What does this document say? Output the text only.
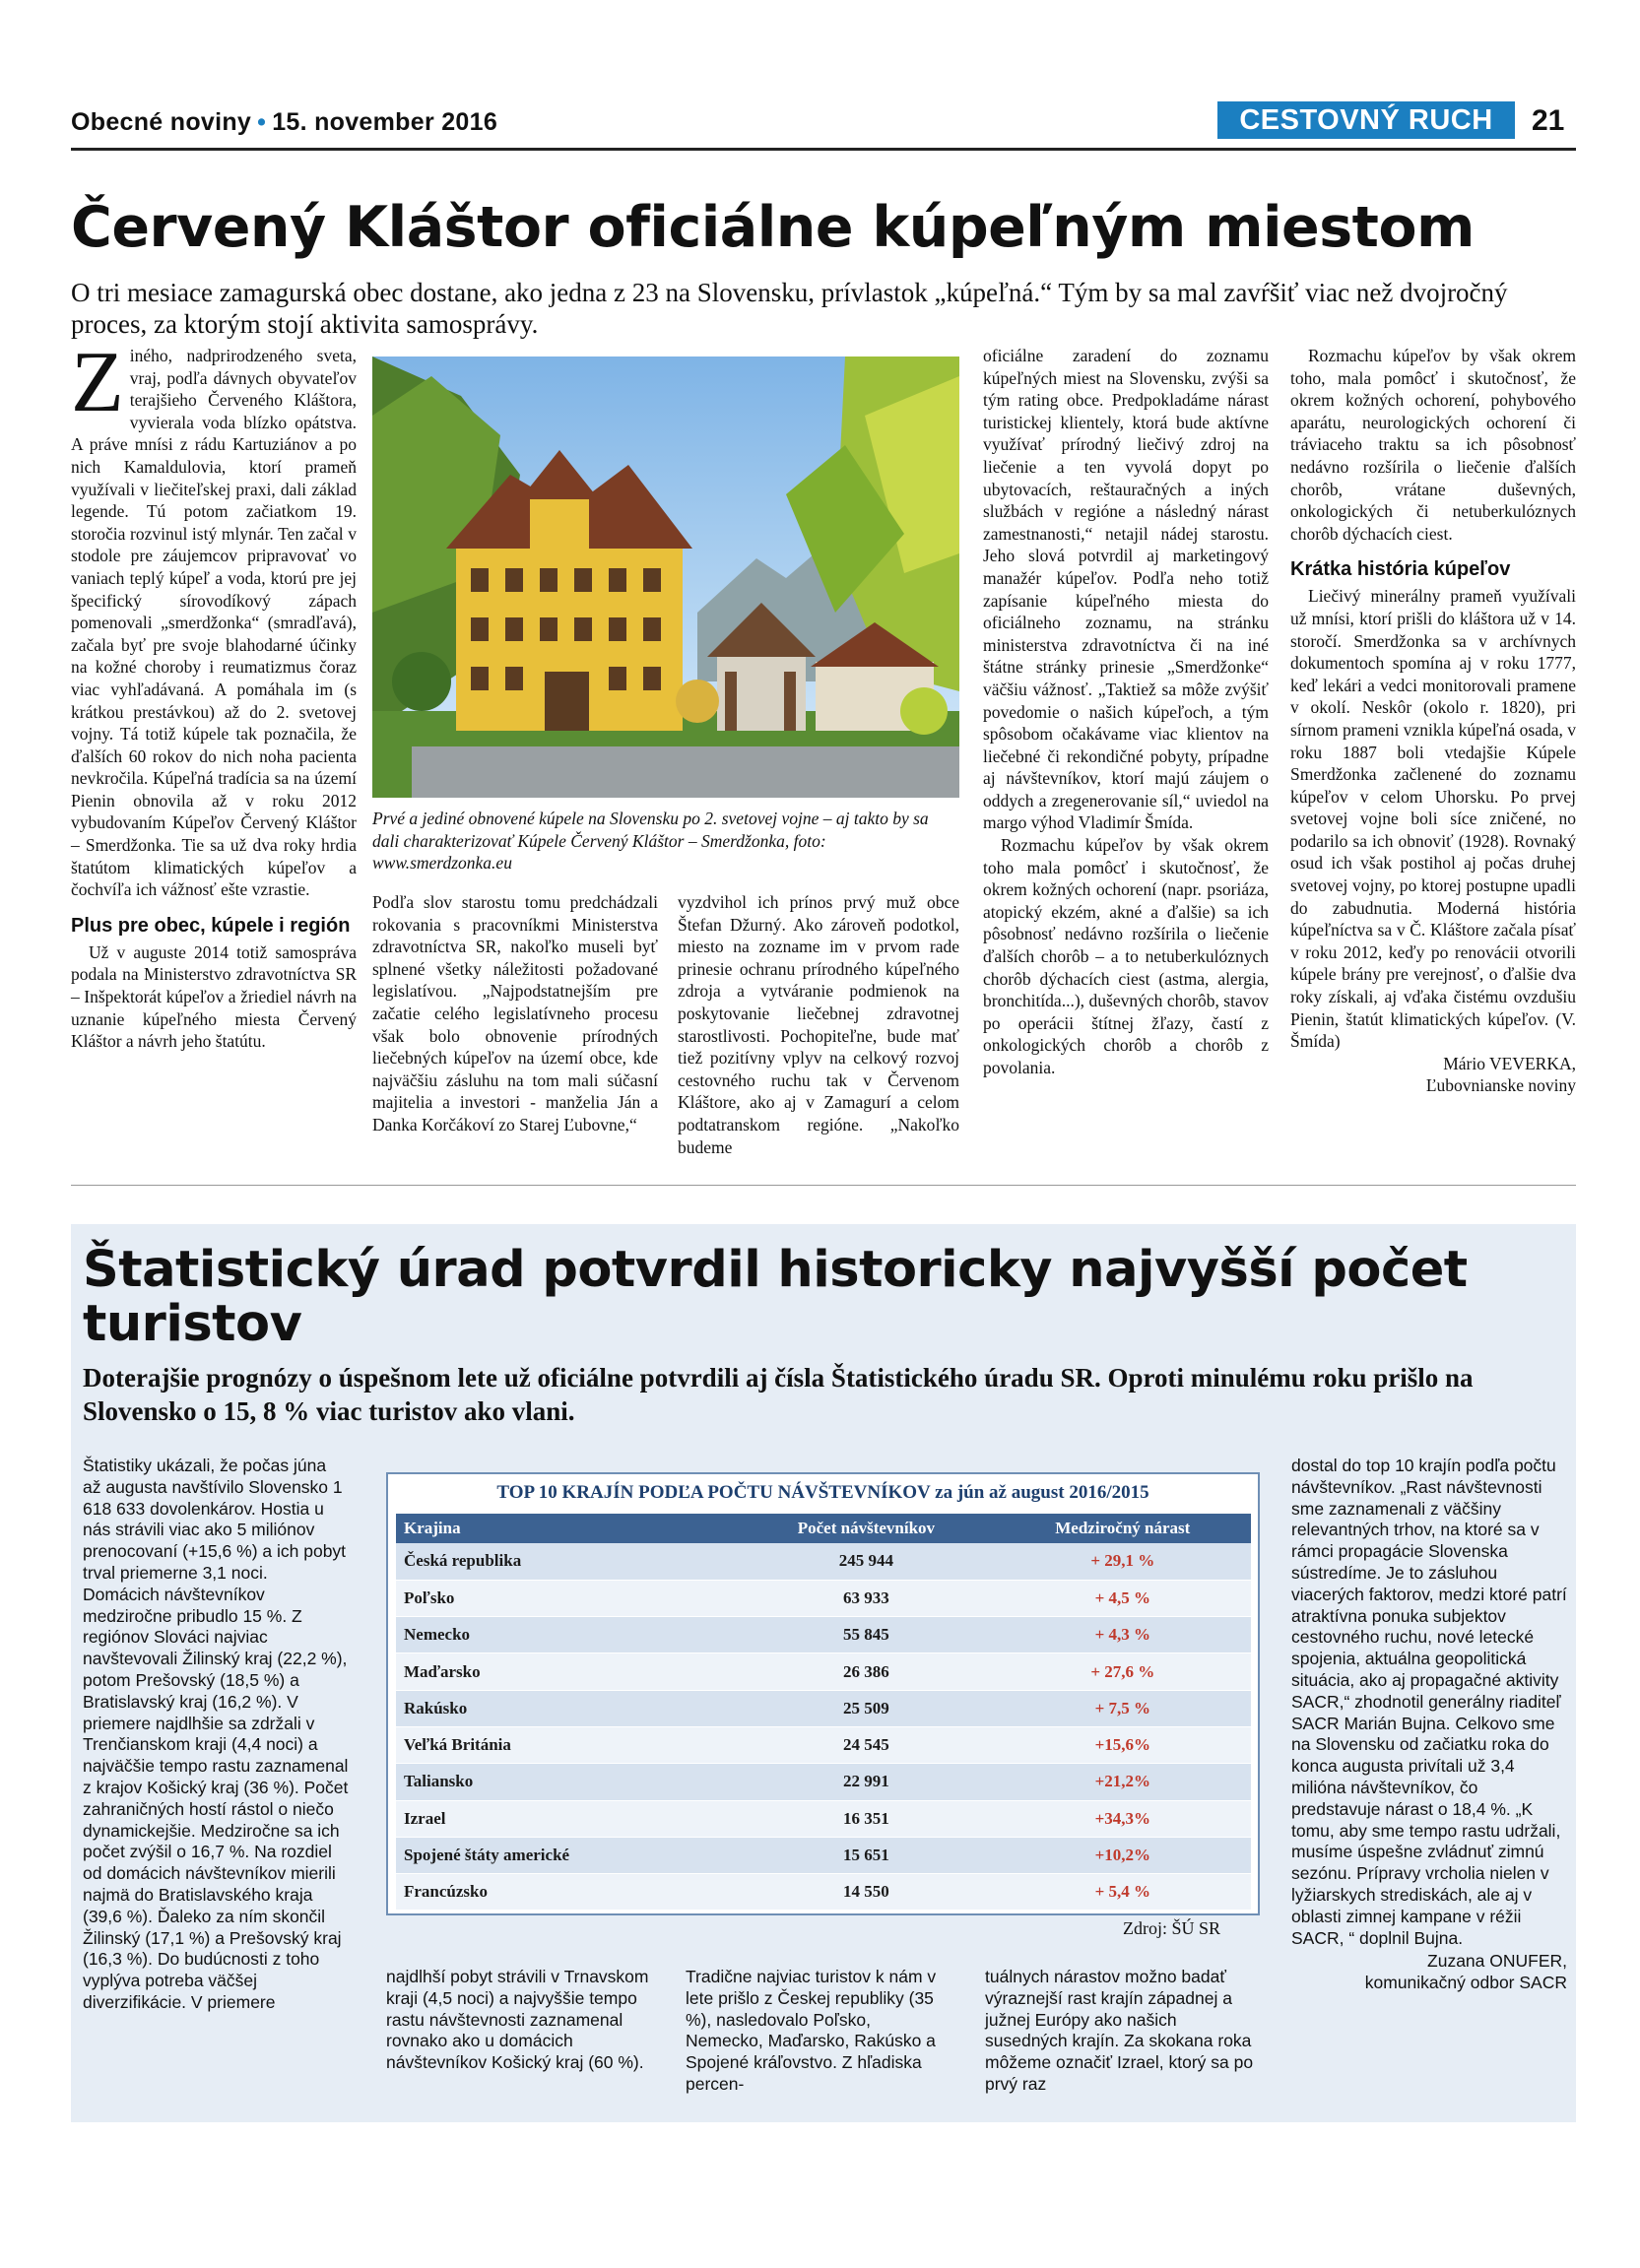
Obecné noviny • 15. november 2016	CESTOVNÝ RUCH	21
Červený Kláštor oficiálne kúpeľným miestom
O tri mesiace zamagurská obec dostane, ako jedna z 23 na Slovensku, prívlastok „kúpeľná.“ Tým by sa mal zavŕšiť viac než dvojročný proces, za ktorým stojí aktivita samosprávy.

Ziného, nadprirodzeného sveta, vraj, podľa dávnych obyvateľov terajšieho Červeného Kláštora, vyvierala voda blízko opátstva. A práve mnísi z rádu Kartuziánov a po nich Kamaldulovia, ktorí prameň využívali v liečiteľskej praxi, dali základ legende. Tú potom začiatkom 19. storočia rozvinul istý mlynár. Ten začal v stodole pre záujemcov pripravovať vo vaniach teplý kúpeľ a voda, ktorú pre jej špecifický sírovodíkový zápach pomenovali „smerdžonka“ (smradľavá), začala byť pre svoje blahodarné účinky na kožné choroby i reumatizmus čoraz viac vyhľadávaná. A pomáhala im (s krátkou prestávkou) až do 2. svetovej vojny. Tá totiž kúpele tak poznačila, že ďalších 60 rokov do nich noha pacienta nevkročila. Kúpeľná tradícia sa na území Pienin obnovila až v roku 2012 vybudovaním Kúpeľov Červený Kláštor – Smerdžonka. Tie sa už dva roky hrdia štatútom klimatických kúpeľov a čochvíľa ich vážnosť ešte vzrastie.

Plus pre obec, kúpele i región

Už v auguste 2014 totiž samospráva podala na Ministerstvo zdravotníctva SR – Inšpektorát kúpeľov a žriediel návrh na uznanie kúpeľného miesta Červený Kláštor a návrh jeho štatútu.

Prvé a jediné obnovené kúpele na Slovensku po 2. svetovej vojne – aj takto by sa dali charakterizovať Kúpele Červený Kláštor – Smerdžonka, foto: www.smerdzonka.eu

Podľa slov starostu tomu predchádzali rokovania s pracovníkmi Ministerstva zdravotníctva SR, nakoľko museli byť splnené všetky náležitosti požadované legislatívou. „Najpodstatnejším pre začatie celého legislatívneho procesu však bolo obnovenie prírodných liečebných kúpeľov na území obce, kde najväčšiu zásluhu na tom mali súčasní majitelia a investori - manželia Ján a Danka Korčákoví zo Starej Ľubovne,“

vyzdvihol ich prínos prvý muž obce Štefan Džurný. Ako zároveň podotkol, miesto na zozname im v prvom rade prinesie ochranu prírodného kúpeľného zdroja a vytváranie podmienok na poskytovanie liečebnej zdravotnej starostlivosti. Pochopiteľne, bude mať tiež pozitívny vplyv na celkový rozvoj cestovného ruchu tak v Červenom Kláštore, ako aj v Zamagurí a celom podtatranskom regióne. „Nakoľko budeme

oficiálne zaradení do zoznamu kúpeľných miest na Slovensku, zvýši sa tým rating obce. Predpokladáme nárast turistickej klientely, ktorá bude aktívne využívať prírodný liečivý zdroj na liečenie a ten vyvolá dopyt po ubytovacích, reštauračných a iných službách v regióne a následný nárast zamestnanosti,“ netajil nádej starostu. Jeho slová potvrdil aj marketingový manažér kúpeľov. Podľa neho totiž zapísanie kúpeľného miesta do oficiálneho zoznamu, na stránku ministerstva zdravotníctva či na iné štátne stránky prinesie „Smerdžonke“ väčšiu vážnosť. „Taktiež sa môže zvýšiť povedomie o našich kúpeľoch, a tým spôsobom očakávame viac klientov na liečebné či rekondičné pobyty, prípadne aj návštevníkov, ktorí majú záujem o oddych a zregenerovanie síl,“ uviedol na margo výhod Vladimír Šmída.

Rozmachu kúpeľov by však okrem toho mala pomôcť i skutočnosť, že okrem kožných ochorení (napr. psoriáza, atopický ekzém, akné a ďalšie) sa ich pôsobnosť nedávno rozšírila o liečenie ďalších chorôb – a to netuberkulóznych chorôb dýchacích ciest (astma, alergia, bronchitída...), duševných chorôb, stavov po operácii štítnej žľazy, častí z onkologických chorôb a chorôb z povolania.

Rozmachu kúpeľov by však okrem toho, mala pomôcť i skutočnosť, že okrem kožných ochorení, pohybového aparátu, neurologických ochorení či tráviaceho traktu sa ich pôsobnosť nedávno rozšírila o liečenie ďalších chorôb, vrátane duševných, onkologických či netuberkulóznych chorôb dýchacích ciest.

Krátka história kúpeľov

Liečivý minerálny prameň využívali už mnísi, ktorí prišli do kláštora už v 14. storočí. Smerdžonka sa v archívnych dokumentoch spomína aj v roku 1777, keď lekári a vedci monitorovali pramene v okolí. Neskôr (okolo r. 1820), pri sírnom prameni vznikla kúpeľná osada, v roku 1887 boli vtedajšie Kúpele Smerdžonka začlenené do zoznamu kúpeľov v celom Uhorsku. Po prvej svetovej vojne boli síce zničené, no podarilo sa ich obnoviť (1928). Rovnaký osud ich však postihol aj počas druhej svetovej vojny, po ktorej postupne upadli do zabudnutia. Moderná história kúpeľníctva sa v Č. Kláštore začala písať v roku 2012, keďy po renovácii otvorili kúpele brány pre verejnosť, o ďalšie dva roky získali, aj vďaka čistému ovzdušiu Pienin, štatút klimatických kúpeľov. (V. Šmída)

Mário VEVERKA,

Ľubovnianske noviny

Štatistický úrad potvrdil historicky najvyšší počet turistov
Doterajšie prognózy o úspešnom lete už oficiálne potvrdili aj čísla Štatistického úradu SR. Oproti minulému roku prišlo na Slovensko o 15, 8 % viac turistov ako vlani.
Štatistiky ukázali, že počas júna až augusta navštívilo Slovensko 1 618 633 dovolenkárov. Hostia u nás strávili viac ako 5 miliónov prenocovaní (+15,6 %) a ich pobyt trval priemerne 3,1 noci. Domácich návštevníkov medziročne pribudlo 15 %. Z regiónov Slováci najviac navštevovali Žilinský kraj (22,2 %), potom Prešovský (18,5 %) a Bratislavský kraj (16,2 %). V priemere najdlhšie sa zdržali v Trenčianskom kraji (4,4 noci) a najväčšie tempo rastu zaznamenal z krajov Košický kraj (36 %). Počet zahraničných hostí rástol o niečo dynamickejšie. Medziročne sa ich počet zvýšil o 16,7 %. Na rozdiel od domácich návštevníkov mierili najmä do Bratislavského kraja (39,6 %). Ďaleko za ním skončil Žilinský (17,1 %) a Prešovský kraj (16,3 %). Do budúcnosti z toho vyplýva potreba väčšej diverzifikácie. V priemere
TOP 10 KRAJÍN PODĽA POČTU NÁVŠTEVNÍKOV za jún až august 2016/2015
Krajina	Počet návštevníkov	Medziročný nárast
Česká republika	245 944	+ 29,1 %
Poľsko	63 933	+ 4,5 %
Nemecko	55 845	+ 4,3 %
Maďarsko	26 386	+ 27,6 %
Rakúsko	25 509	+ 7,5 %
Veľká Británia	24 545	+15,6%
Taliansko	22 991	+21,2%
Izrael	16 351	+34,3%
Spojené štáty americké	15 651	+10,2%
Francúzsko	14 550	+ 5,4 %
Zdroj: ŠÚ SR
najdlhší pobyt strávili v Trnavskom kraji (4,5 noci) a najvyššie tempo rastu návštevnosti zaznamenal rovnako ako u domácich návštevníkov Košický kraj (60 %).
Tradične najviac turistov k nám v lete prišlo z Českej republiky (35 %), nasledovalo Poľsko, Nemecko, Maďarsko, Rakúsko a Spojené kráľovstvo. Z hľadiska percen-
tuálnych nárastov možno badať výraznejší rast krajín západnej a južnej Európy ako našich susedných krajín. Za skokana roka môžeme označiť Izrael, ktorý sa po prvý raz
dostal do top 10 krajín podľa počtu návštevníkov. „Rast návštevnosti sme zaznamenali z väčšiny relevantných trhov, na ktoré sa v rámci propagácie Slovenska sústredíme. Je to zásluhou viacerých faktorov, medzi ktoré patrí atraktívna ponuka subjektov cestovného ruchu, nové letecké spojenia, aktuálna geopolitická situácia, ako aj propagačné aktivity SACR,“ zhodnotil generálny riaditeľ SACR Marián Bujna. Celkovo sme na Slovensku od začiatku roka do konca augusta privítali už 3,4 milióna návštevníkov, čo predstavuje nárast o 18,4 %. „K tomu, aby sme tempo rastu udržali, musíme úspešne zvládnuť zimnú sezónu. Prípravy vrcholia nielen v lyžiarskych strediskách, ale aj v oblasti zimnej kampane v réžii SACR, “ doplnil Bujna.
Zuzana ONUFER,
komunikačný odbor SACR
